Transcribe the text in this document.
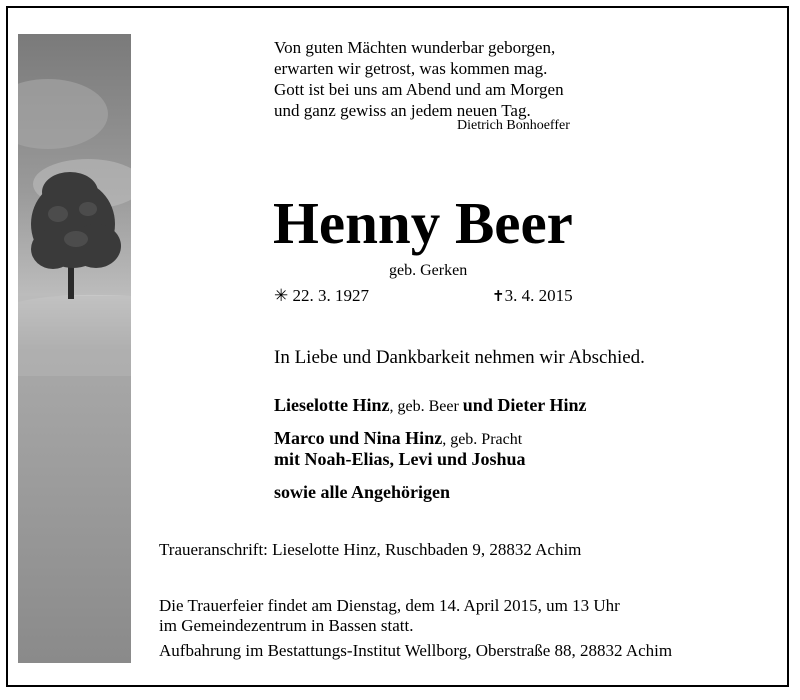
Von guten Mächten wunderbar geborgen,
erwarten wir getrost, was kommen mag.
Gott ist bei uns am Abend und am Morgen
und ganz gewiss an jedem neuen Tag.
Dietrich Bonhoeffer
Henny Beer
geb. Gerken
✳ 22. 3. 1927	✝3. 4. 2015
In Liebe und Dankbarkeit nehmen wir Abschied.
Lieselotte Hinz, geb. Beer und Dieter Hinz
Marco und Nina Hinz, geb. Pracht
mit Noah-Elias, Levi und Joshua
sowie alle Angehörigen
Traueranschrift: Lieselotte Hinz, Ruschbaden 9, 28832 Achim
Die Trauerfeier findet am Dienstag, dem 14. April 2015, um 13 Uhr
im Gemeindezentrum in Bassen statt.
Aufbahrung im Bestattungs-Institut Wellborg, Oberstraße 88, 28832 Achim
